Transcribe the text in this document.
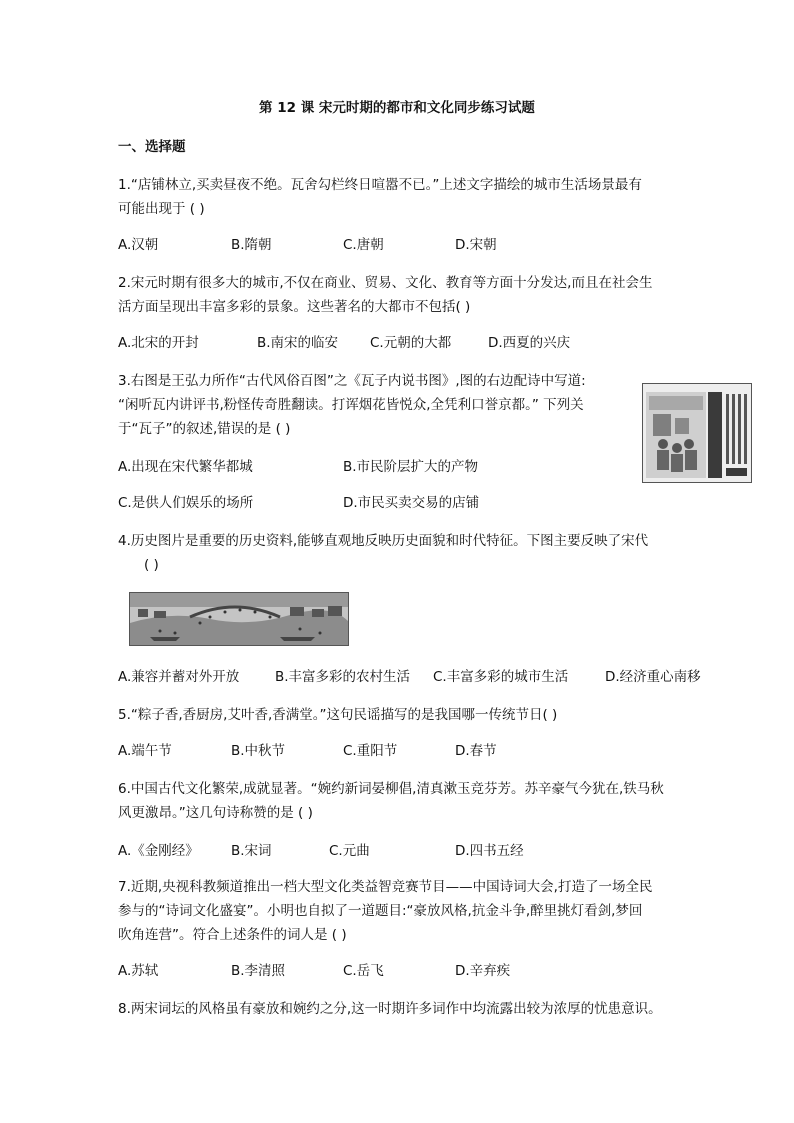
第 12 课 宋元时期的都市和文化同步练习试题
一、选择题
1.“店铺林立,买卖昼夜不绝。瓦舍勾栏终日喧嚣不已。”上述文字描绘的城市生活场景最有
可能出现于 ( )
A.汉朝	B.隋朝	C.唐朝	D.宋朝
2.宋元时期有很多大的城市,不仅在商业、贸易、文化、教育等方面十分发达,而且在社会生
活方面呈现出丰富多彩的景象。这些著名的大都市不包括( )
A.北宋的开封	B.南宋的临安 C.元朝的大都	D.西夏的兴庆
3.右图是王弘力所作“古代风俗百图”之《瓦子内说书图》,图的右边配诗中写道:
“闲听瓦内讲评书,粉怪传奇胜翻读。打诨烟花皆悦众,全凭利口誉京都。” 下列关
于“瓦子”的叙述,错误的是 ( )
A.出现在宋代繁华都城	B.市民阶层扩大的产物
C.是供人们娱乐的场所	D.市民买卖交易的店铺
4.历史图片是重要的历史资料,能够直观地反映历史面貌和时代特征。下图主要反映了宋代
( )
A.兼容并蓄对外开放	B.丰富多彩的农村生活 C.丰富多彩的城市生活	D.经济重心南移
5.“粽子香,香厨房,艾叶香,香满堂。”这句民谣描写的是我国哪一传统节日( )
A.端午节	B.中秋节	C.重阳节	D.春节
6.中国古代文化繁荣,成就显著。“婉约新词晏柳倡,清真漱玉竞芬芳。苏辛豪气今犹在,铁马秋
风更激昂。”这几句诗称赞的是 ( )
A.《金刚经》 B.宋词	C.元曲	D.四书五经
7.近期,央视科教频道推出一档大型文化类益智竞赛节目——中国诗词大会,打造了一场全民
参与的“诗词文化盛宴”。小明也自拟了一道题目:“豪放风格,抗金斗争,醉里挑灯看剑,梦回
吹角连营”。符合上述条件的词人是 ( )
A.苏轼	B.李清照	C.岳飞	D.辛弃疾
8.两宋词坛的风格虽有豪放和婉约之分,这一时期许多词作中均流露出较为浓厚的忧患意识。
